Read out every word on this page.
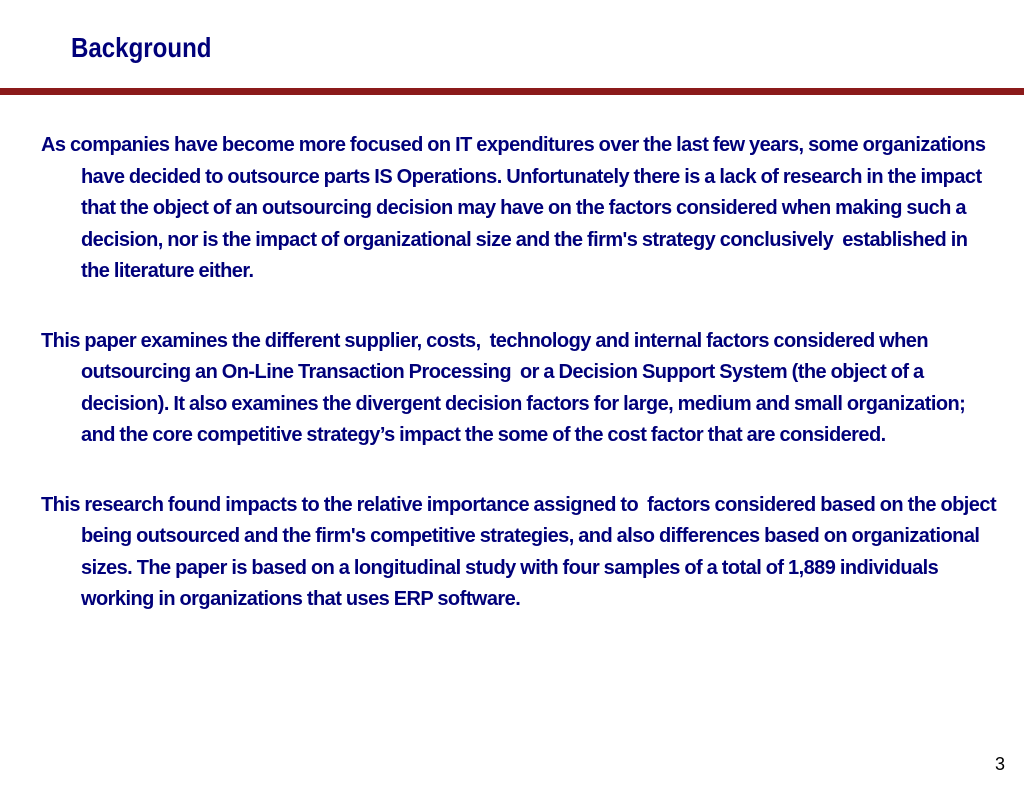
Background

As companies have become more focused on IT expenditures over the last few years, some organizations have decided to outsource parts IS Operations. Unfortunately there is a lack of research in the impact that the object of an outsourcing decision may have on the factors considered when making such a decision, nor is the impact of organizational size and the firm's strategy conclusively  established in the literature either.

This paper examines the different supplier, costs,  technology and internal factors considered when outsourcing an On-Line Transaction Processing  or a Decision Support System (the object of a decision). It also examines the divergent decision factors for large, medium and small organization; and the core competitive strategy’s impact the some of the cost factor that are considered.

This research found impacts to the relative importance assigned to  factors considered based on the object being outsourced and the firm's competitive strategies, and also differences based on organizational sizes. The paper is based on a longitudinal study with four samples of a total of 1,889 individuals working in organizations that uses ERP software.

3
